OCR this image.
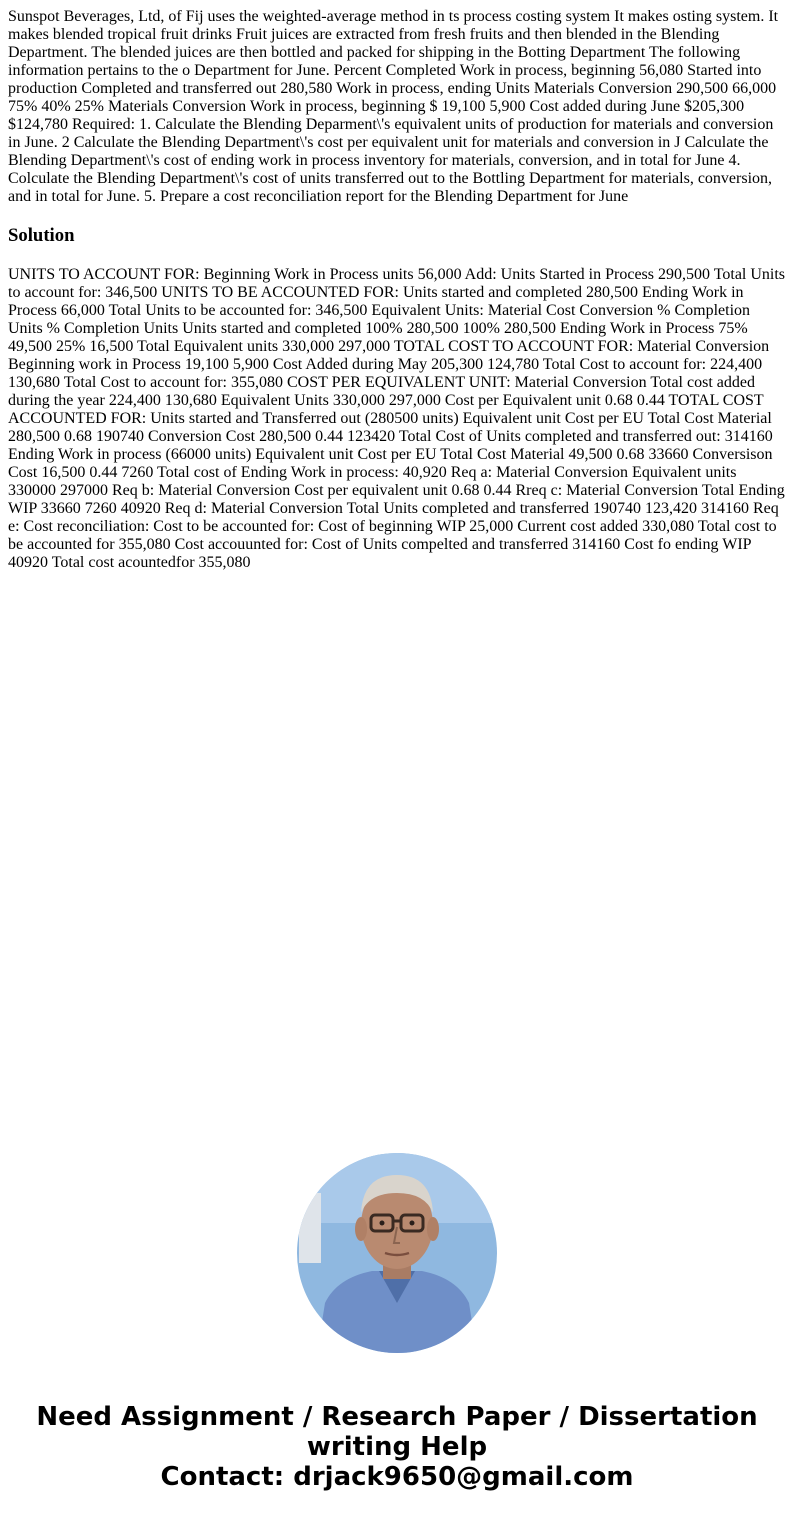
Sunspot Beverages, Ltd, of Fij uses the weighted-average method in ts process costing system It makes osting system. It makes blended tropical fruit drinks Fruit juices are extracted from fresh fruits and then blended in the Blending Department. The blended juices are then bottled and packed for shipping in the Botting Department The following information pertains to the o Department for June. Percent Completed Work in process, beginning 56,080 Started into production Completed and transferred out 280,580 Work in process, ending Units Materials Conversion 290,500 66,000 75% 40% 25% Materials Conversion Work in process, beginning $ 19,100 5,900 Cost added during June $205,300 $124,780 Required: 1. Calculate the Blending Deparment\'s equivalent units of production for materials and conversion in June. 2 Calculate the Blending Department\'s cost per equivalent unit for materials and conversion in J Calculate the Blending Department\'s cost of ending work in process inventory for materials, conversion, and in total for June 4. Colculate the Blending Department\'s cost of units transferred out to the Bottling Department for materials, conversion, and in total for June. 5. Prepare a cost reconciliation report for the Blending Department for June

Solution

UNITS TO ACCOUNT FOR: Beginning Work in Process units 56,000 Add: Units Started in Process 290,500 Total Units to account for: 346,500 UNITS TO BE ACCOUNTED FOR: Units started and completed 280,500 Ending Work in Process 66,000 Total Units to be accounted for: 346,500 Equivalent Units: Material Cost Conversion % Completion Units % Completion Units Units started and completed 100% 280,500 100% 280,500 Ending Work in Process 75% 49,500 25% 16,500 Total Equivalent units 330,000 297,000 TOTAL COST TO ACCOUNT FOR: Material Conversion Beginning work in Process 19,100 5,900 Cost Added during May 205,300 124,780 Total Cost to account for: 224,400 130,680 Total Cost to account for: 355,080 COST PER EQUIVALENT UNIT: Material Conversion Total cost added during the year 224,400 130,680 Equivalent Units 330,000 297,000 Cost per Equivalent unit 0.68 0.44 TOTAL COST ACCOUNTED FOR: Units started and Transferred out (280500 units) Equivalent unit Cost per EU Total Cost Material 280,500 0.68 190740 Conversion Cost 280,500 0.44 123420 Total Cost of Units completed and transferred out: 314160 Ending Work in process (66000 units) Equivalent unit Cost per EU Total Cost Material 49,500 0.68 33660 Conversison Cost 16,500 0.44 7260 Total cost of Ending Work in process: 40,920 Req a: Material Conversion Equivalent units 330000 297000 Req b: Material Conversion Cost per equivalent unit 0.68 0.44 Rreq c: Material Conversion Total Ending WIP 33660 7260 40920 Req d: Material Conversion Total Units completed and transferred 190740 123,420 314160 Req e: Cost reconciliation: Cost to be accounted for: Cost of beginning WIP 25,000 Current cost added 330,080 Total cost to be accounted for 355,080 Cost accouunted for: Cost of Units compelted and transferred 314160 Cost fo ending WIP 40920 Total cost acountedfor 355,080

Need Assignment / Research Paper / Dissertation
writing Help
Contact: drjack9650@gmail.com
